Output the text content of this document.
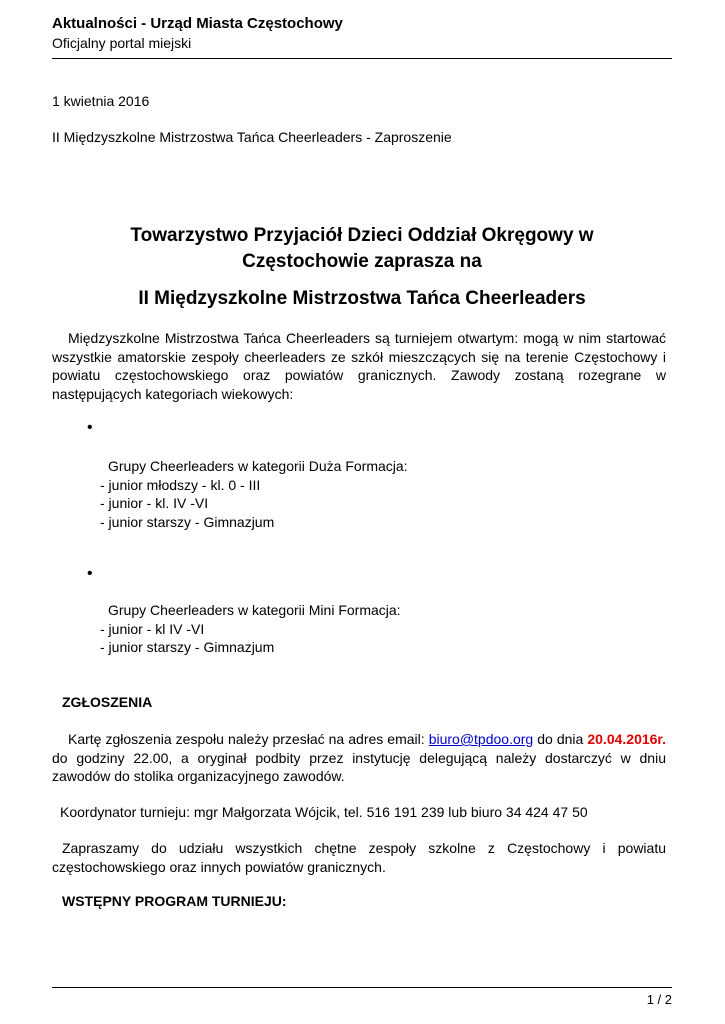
Aktualności - Urząd Miasta Częstochowy
Oficjalny portal miejski
1 kwietnia 2016
II Międzyszkolne Mistrzostwa Tańca Cheerleaders - Zaproszenie
Towarzystwo Przyjaciół Dzieci Oddział Okręgowy w
Częstochowie zaprasza na
II Międzyszkolne Mistrzostwa Tańca Cheerleaders
Międzyszkolne Mistrzostwa Tańca Cheerleaders są turniejem otwartym: mogą w nim startować wszystkie amatorskie zespoły cheerleaders ze szkół mieszczących się na terenie Częstochowy i powiatu częstochowskiego oraz powiatów granicznych. Zawody zostaną rozegrane w następujących kategoriach wiekowych:
•
Grupy Cheerleaders w kategorii Duża Formacja:
- junior młodszy - kl. 0 - III
- junior - kl. IV -VI
- junior starszy - Gimnazjum
•
Grupy Cheerleaders w kategorii Mini Formacja:
- junior - kl IV -VI
- junior starszy - Gimnazjum
ZGŁOSZENIA
Kartę zgłoszenia zespołu należy przesłać na adres email: biuro@tpdoo.org do dnia 20.04.2016r. do godziny 22.00, a oryginał podbity przez instytucję delegującą należy dostarczyć w dniu zawodów do stolika organizacyjnego zawodów.
Koordynator turnieju: mgr Małgorzata Wójcik, tel. 516 191 239 lub biuro 34 424 47 50
Zapraszamy do udziału wszystkich chętne zespoły szkolne z Częstochowy i powiatu częstochowskiego oraz innych powiatów granicznych.
WSTĘPNY PROGRAM TURNIEJU:
1 / 2
